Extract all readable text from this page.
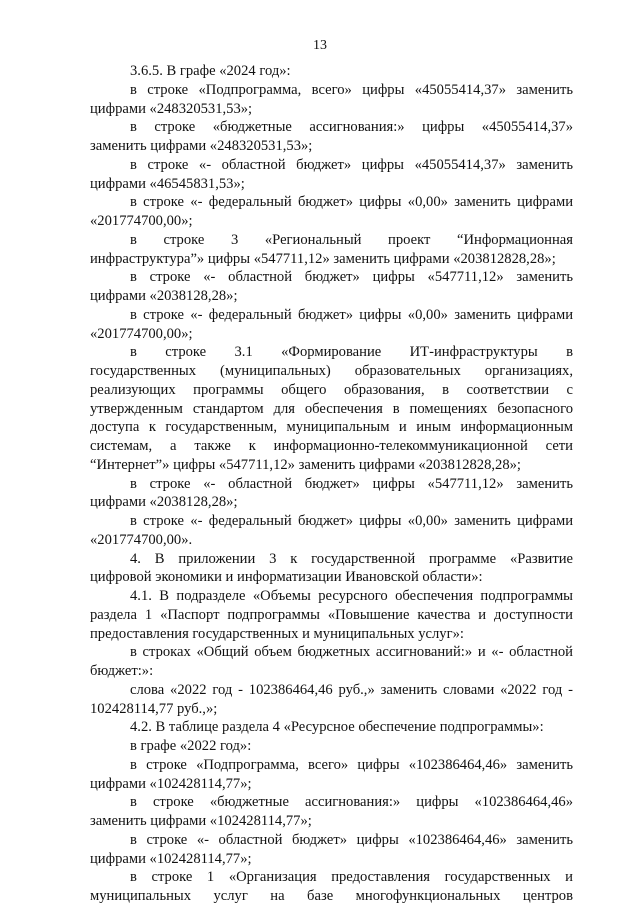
13
3.6.5. В графе «2024 год»:
в строке «Подпрограмма, всего» цифры «45055414,37» заменить
цифрами «248320531,53»;
в строке «бюджетные ассигнования:» цифры «45055414,37»
заменить цифрами «248320531,53»;
в строке «- областной бюджет» цифры «45055414,37» заменить
цифрами «46545831,53»;
в строке «- федеральный бюджет» цифры «0,00» заменить цифрами
«201774700,00»;
в строке 3 «Региональный проект “Информационная
инфраструктура”» цифры «547711,12» заменить цифрами «203812828,28»;
в строке «- областной бюджет» цифры «547711,12» заменить
цифрами «2038128,28»;
в строке «- федеральный бюджет» цифры «0,00» заменить цифрами
«201774700,00»;
в строке 3.1 «Формирование ИТ-инфраструктуры в
государственных (муниципальных) образовательных организациях,
реализующих программы общего образования, в соответствии с
утвержденным стандартом для обеспечения в помещениях безопасного
доступа к государственным, муниципальным и иным информационным
системам, а также к информационно-телекоммуникационной сети
“Интернет”» цифры «547711,12» заменить цифрами «203812828,28»;
в строке «- областной бюджет» цифры «547711,12» заменить
цифрами «2038128,28»;
в строке «- федеральный бюджет» цифры «0,00» заменить цифрами
«201774700,00».
4. В приложении 3 к государственной программе «Развитие
цифровой экономики и информатизации Ивановской области»:
4.1. В подразделе «Объемы ресурсного обеспечения подпрограммы
раздела 1 «Паспорт подпрограммы «Повышение качества и доступности
предоставления государственных и муниципальных услуг»:
в строках «Общий объем бюджетных ассигнований:» и «- областной
бюджет:»:
слова «2022 год - 102386464,46 руб.,» заменить словами «2022 год -
102428114,77 руб.,»;
4.2. В таблице раздела 4 «Ресурсное обеспечение подпрограммы»:
в графе «2022 год»:
в строке «Подпрограмма, всего» цифры «102386464,46» заменить
цифрами «102428114,77»;
в строке «бюджетные ассигнования:» цифры «102386464,46»
заменить цифрами «102428114,77»;
в строке «- областной бюджет» цифры «102386464,46» заменить
цифрами «102428114,77»;
в строке 1 «Организация предоставления государственных и
муниципальных услуг на базе многофункциональных центров
